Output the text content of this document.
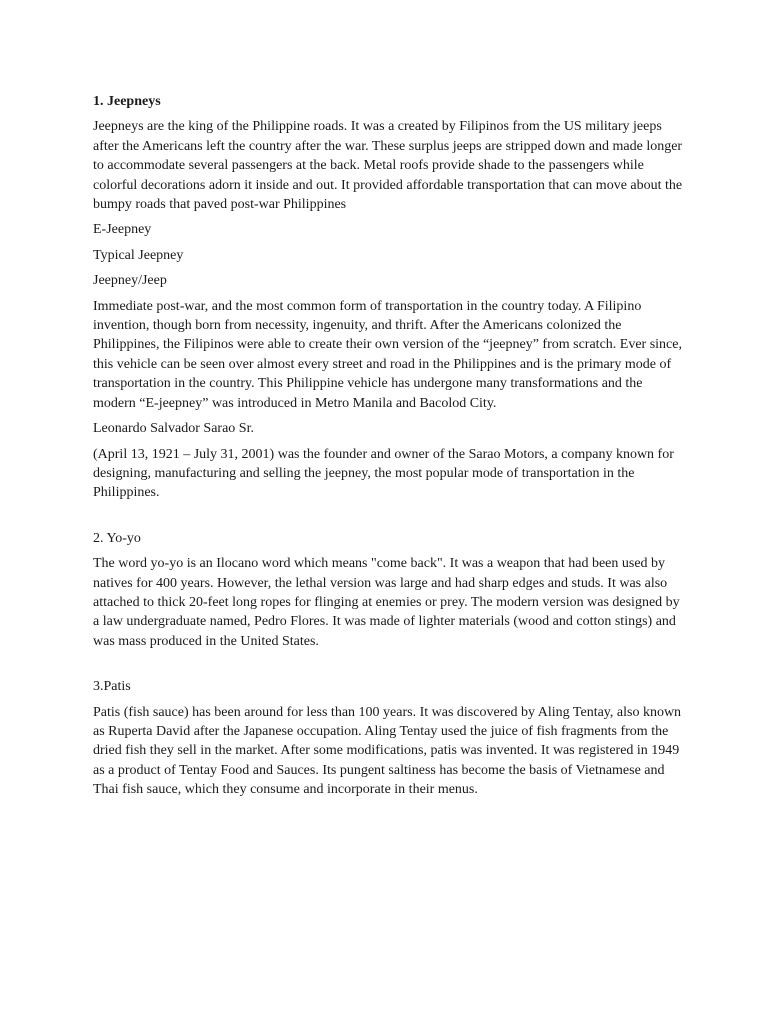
1. Jeepneys

Jeepneys are the king of the Philippine roads. It was a created by Filipinos from the US military jeeps after the Americans left the country after the war. These surplus jeeps are stripped down and made longer to accommodate several passengers at the back. Metal roofs provide shade to the passengers while colorful decorations adorn it inside and out. It provided affordable transportation that can move about the bumpy roads that paved post-war Philippines

E-Jeepney

Typical Jeepney

Jeepney/Jeep

Immediate post-war, and the most common form of transportation in the country today. A Filipino invention, though born from necessity, ingenuity, and thrift. After the Americans colonized the Philippines, the Filipinos were able to create their own version of the “jeepney” from scratch. Ever since, this vehicle can be seen over almost every street and road in the Philippines and is the primary mode of transportation in the country. This Philippine vehicle has undergone many transformations and the modern “E-jeepney” was introduced in Metro Manila and Bacolod City.

Leonardo Salvador Sarao Sr.

(April 13, 1921 – July 31, 2001) was the founder and owner of the Sarao Motors, a company known for designing, manufacturing and selling the jeepney, the most popular mode of transportation in the Philippines.

2. Yo-yo

The word yo-yo is an Ilocano word which means "come back". It was a weapon that had been used by natives for 400 years. However, the lethal version was large and had sharp edges and studs. It was also attached to thick 20-feet long ropes for flinging at enemies or prey. The modern version was designed by a law undergraduate named, Pedro Flores. It was made of lighter materials (wood and cotton stings) and was mass produced in the United States.

3.Patis

Patis (fish sauce) has been around for less than 100 years. It was discovered by Aling Tentay, also known as Ruperta David after the Japanese occupation. Aling Tentay used the juice of fish fragments from the dried fish they sell in the market. After some modifications, patis was invented. It was registered in 1949 as a product of Tentay Food and Sauces. Its pungent saltiness has become the basis of Vietnamese and Thai fish sauce, which they consume and incorporate in their menus.
